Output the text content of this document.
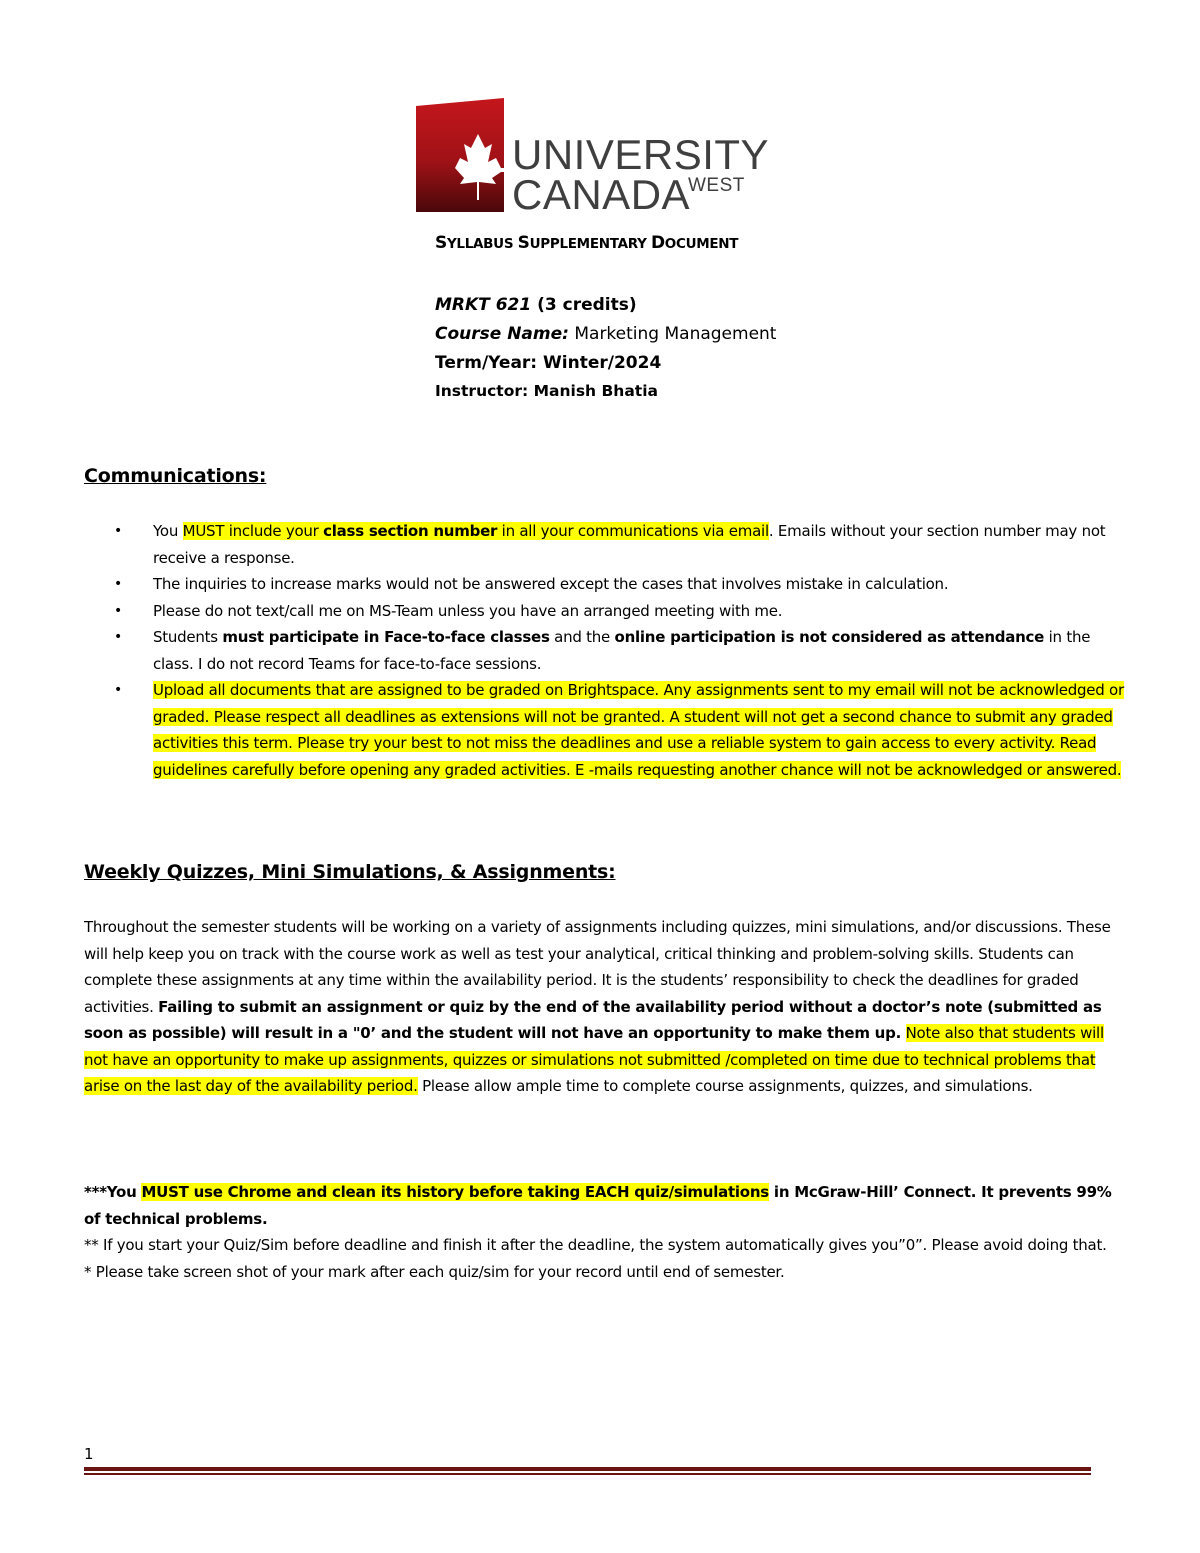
UNIVERSITY
CANADA
WEST
SYLLABUS SUPPLEMENTARY DOCUMENT
MRKT 621 (3 credits)
Course Name: Marketing Management
Term/Year: Winter/2024
Instructor: Manish Bhatia
Communications:
• You MUST include your class section number in all your communications via email. Emails without your section number may not receive a response.
• The inquiries to increase marks would not be answered except the cases that involves mistake in calculation.
• Please do not text/call me on MS-Team unless you have an arranged meeting with me.
• Students must participate in Face-to-face classes and the online participation is not considered as attendance in the class. I do not record Teams for face-to-face sessions.
• Upload all documents that are assigned to be graded on Brightspace. Any assignments sent to my email will not be acknowledged or graded. Please respect all deadlines as extensions will not be granted. A student will not get a second chance to submit any graded activities this term. Please try your best to not miss the deadlines and use a reliable system to gain access to every activity. Read guidelines carefully before opening any graded activities. E -mails requesting another chance will not be acknowledged or answered.
Weekly Quizzes, Mini Simulations, & Assignments:
Throughout the semester students will be working on a variety of assignments including quizzes, mini simulations, and/or discussions. These will help keep you on track with the course work as well as test your analytical, critical thinking and problem-solving skills. Students can complete these assignments at any time within the availability period. It is the students’ responsibility to check the deadlines for graded activities. Failing to submit an assignment or quiz by the end of the availability period without a doctor’s note (submitted as soon as possible) will result in a "0’ and the student will not have an opportunity to make them up. Note also that students will not have an opportunity to make up assignments, quizzes or simulations not submitted /completed on time due to technical problems that arise on the last day of the availability period. Please allow ample time to complete course assignments, quizzes, and simulations.
***You MUST use Chrome and clean its history before taking EACH quiz/simulations in McGraw-Hill’ Connect. It prevents 99% of technical problems.
** If you start your Quiz/Sim before deadline and finish it after the deadline, the system automatically gives you”0”. Please avoid doing that.
* Please take screen shot of your mark after each quiz/sim for your record until end of semester.
1
